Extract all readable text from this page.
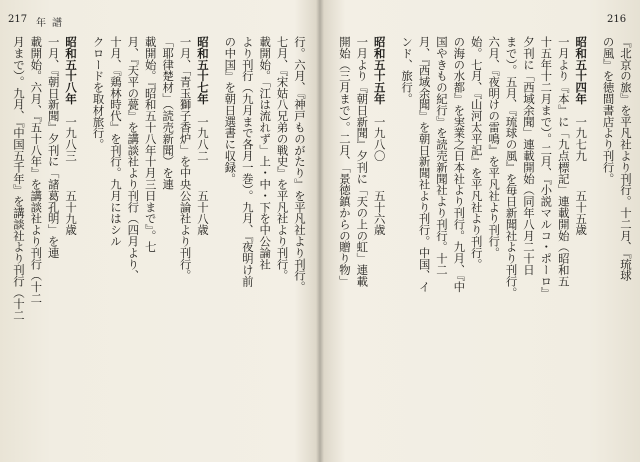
217 年譜

行。六月、『神戸ものがたり』を平凡社より刊行。

七月、『宋姑八兄弟の戦史』を平凡社より刊行。

載開始。「江は流れず」上・中・下を中公論社

より刊行（九月まで各月一巻）。九月、『夜明け前

の中国』を朝日選書に収録。

昭和五十七年　一九八二　五十八歳

一月、「青玉獅子香炉」を中央公論社より刊行。

「耶律楚材」（読売新聞）を連

載開始。『昭和五十八年十月三日まで』。七

月、『天平の甍』を講談社より刊行（四月より、

十月、『鶏林時代』を刊行。九月にはシル

クロードを取材旅行。

昭和五十八年　一九八三　五十九歳

一月、『朝日新聞』夕刊に「諸葛孔明」を連

載開始。六月、『五十八年』を講談社より刊行（十二

月まで）。九月、『中国五千年』を講談社より刊行（十二

216

『北京の旅』を平凡社より刊行。十二月、『琉球

の風』を徳間書店より刊行。

昭和五十四年　一九七九　五十五歳

一月より『本』に「九点標記」連載開始（昭和五

十五年十二月まで）。二月、『小説マルコ・ポーロ』

夕刊に「西域余聞」連載開始（同年八月二十日

まで）。五月、『琉球の風』を毎日新聞社より刊行。

六月、『夜明けの雷鳴』を平凡社より刊行。

始。七月、『山河太平記』を平凡社より刊行。

の海の水都』を実業之日本社より刊行。九月、『中

国やきもの紀行』を読売新聞社より刊行。十二

月、『西域余聞』を朝日新聞社より刊行。中国、イ

ンド、旅行。

昭和五十五年　一九八〇　五十六歳

一月より『朝日新聞』夕刊に「天の上の虹」連載

開始（三月まで）。二月、「景徳鎮からの贈り物」
